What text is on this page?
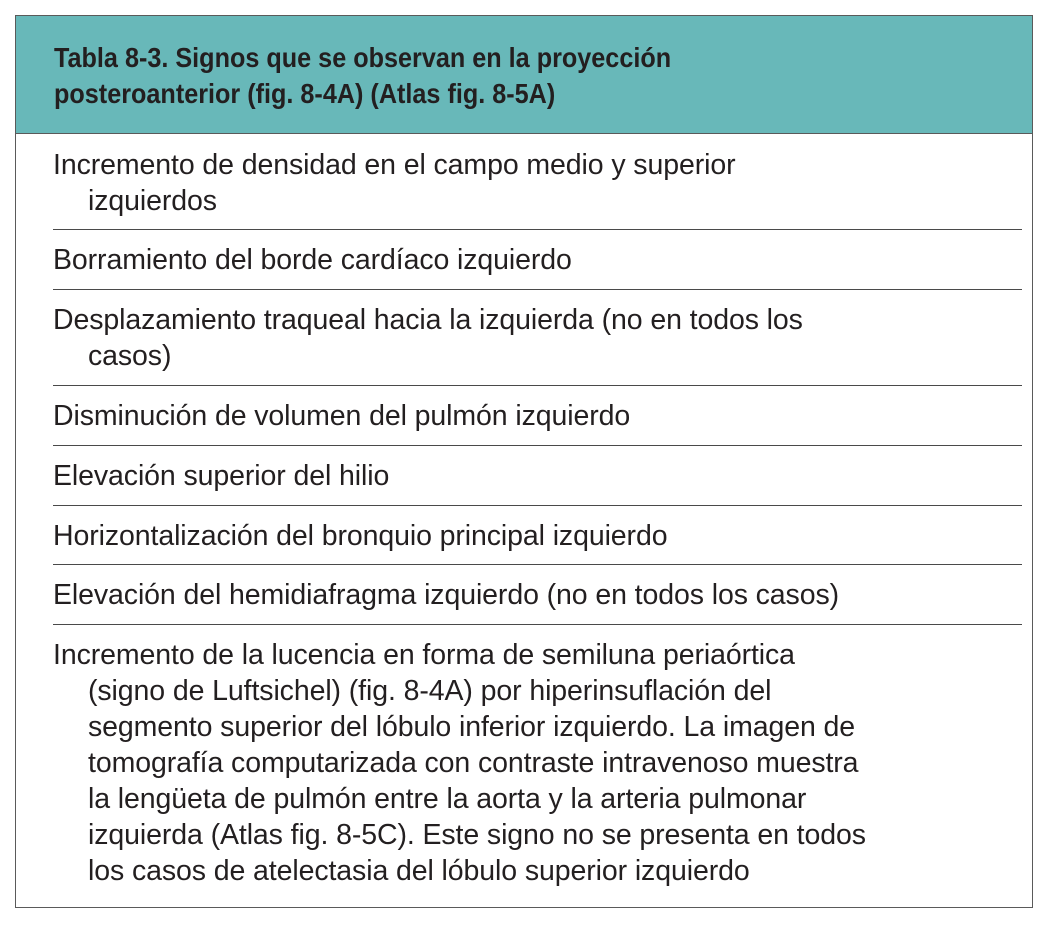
Tabla 8-3. Signos que se observan en la proyección
posteroanterior (fig. 8-4A) (Atlas fig. 8-5A)
Incremento de densidad en el campo medio y superior
izquierdos
Borramiento del borde cardíaco izquierdo
Desplazamiento traqueal hacia la izquierda (no en todos los
casos)
Disminución de volumen del pulmón izquierdo
Elevación superior del hilio
Horizontalización del bronquio principal izquierdo
Elevación del hemidiafragma izquierdo (no en todos los casos)
Incremento de la lucencia en forma de semiluna periaórtica
(signo de Luftsichel) (fig. 8-4A) por hiperinsuflación del
segmento superior del lóbulo inferior izquierdo. La imagen de
tomografía computarizada con contraste intravenoso muestra
la lengüeta de pulmón entre la aorta y la arteria pulmonar
izquierda (Atlas fig. 8-5C). Este signo no se presenta en todos
los casos de atelectasia del lóbulo superior izquierdo
